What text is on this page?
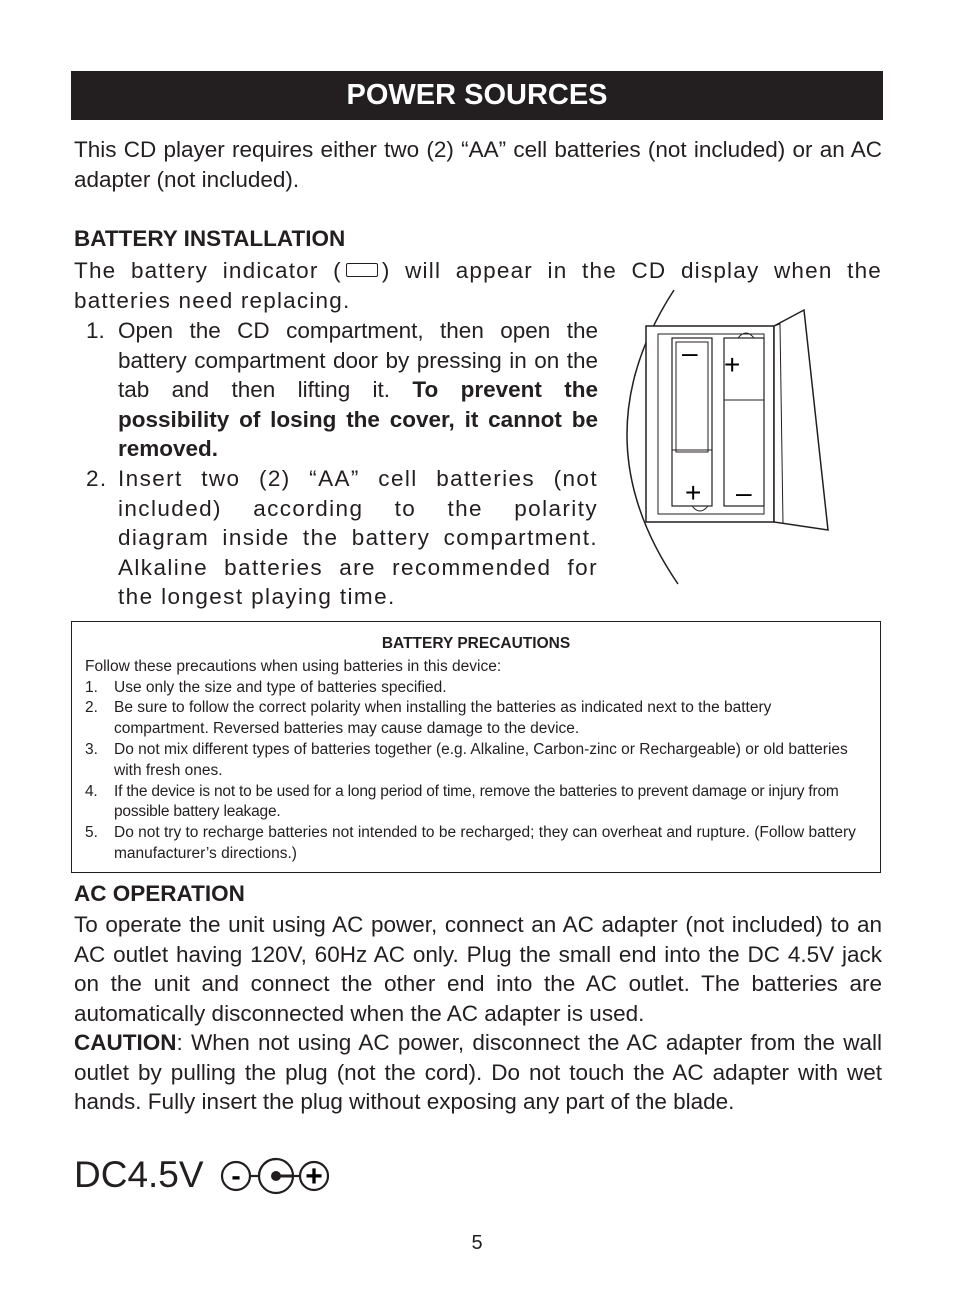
POWER SOURCES

This CD player requires either two (2) “AA” cell batteries (not included) or an AC adapter (not included).

BATTERY INSTALLATION

The battery indicator ( ) will appear in the CD display when the batteries need replacing.

1. Open the CD compartment, then open the battery compartment door by pressing in on the tab and then lifting it. To prevent the possibility of losing the cover, it cannot be removed.
2. Insert two (2) “AA” cell batteries (not included) according to the polarity diagram inside the battery compartment. Alkaline batteries are recommended for the longest playing time.
– +
+ –
BATTERY PRECAUTIONS
Follow these precautions when using batteries in this device:
1. Use only the size and type of batteries specified.
2. Be sure to follow the correct polarity when installing the batteries as indicated next to the battery compartment. Reversed batteries may cause damage to the device.
3. Do not mix different types of batteries together (e.g. Alkaline, Carbon-zinc or Rechargeable) or old batteries with fresh ones.
4. If the device is not to be used for a long period of time, remove the batteries to prevent damage or injury from possible battery leakage.
5. Do not try to recharge batteries not intended to be recharged; they can overheat and rupture. (Follow battery manufacturer’s directions.)

AC OPERATION

To operate the unit using AC power, connect an AC adapter (not included) to an AC outlet having 120V, 60Hz AC only. Plug the small end into the DC 4.5V jack on the unit and connect the other end into the AC outlet. The batteries are automatically disconnected when the AC adapter is used.

CAUTION: When not using AC power, disconnect the AC adapter from the wall outlet by pulling the plug (not the cord). Do not touch the AC adapter with wet hands. Fully insert the plug without exposing any part of the blade.

DC4.5V - +
5
